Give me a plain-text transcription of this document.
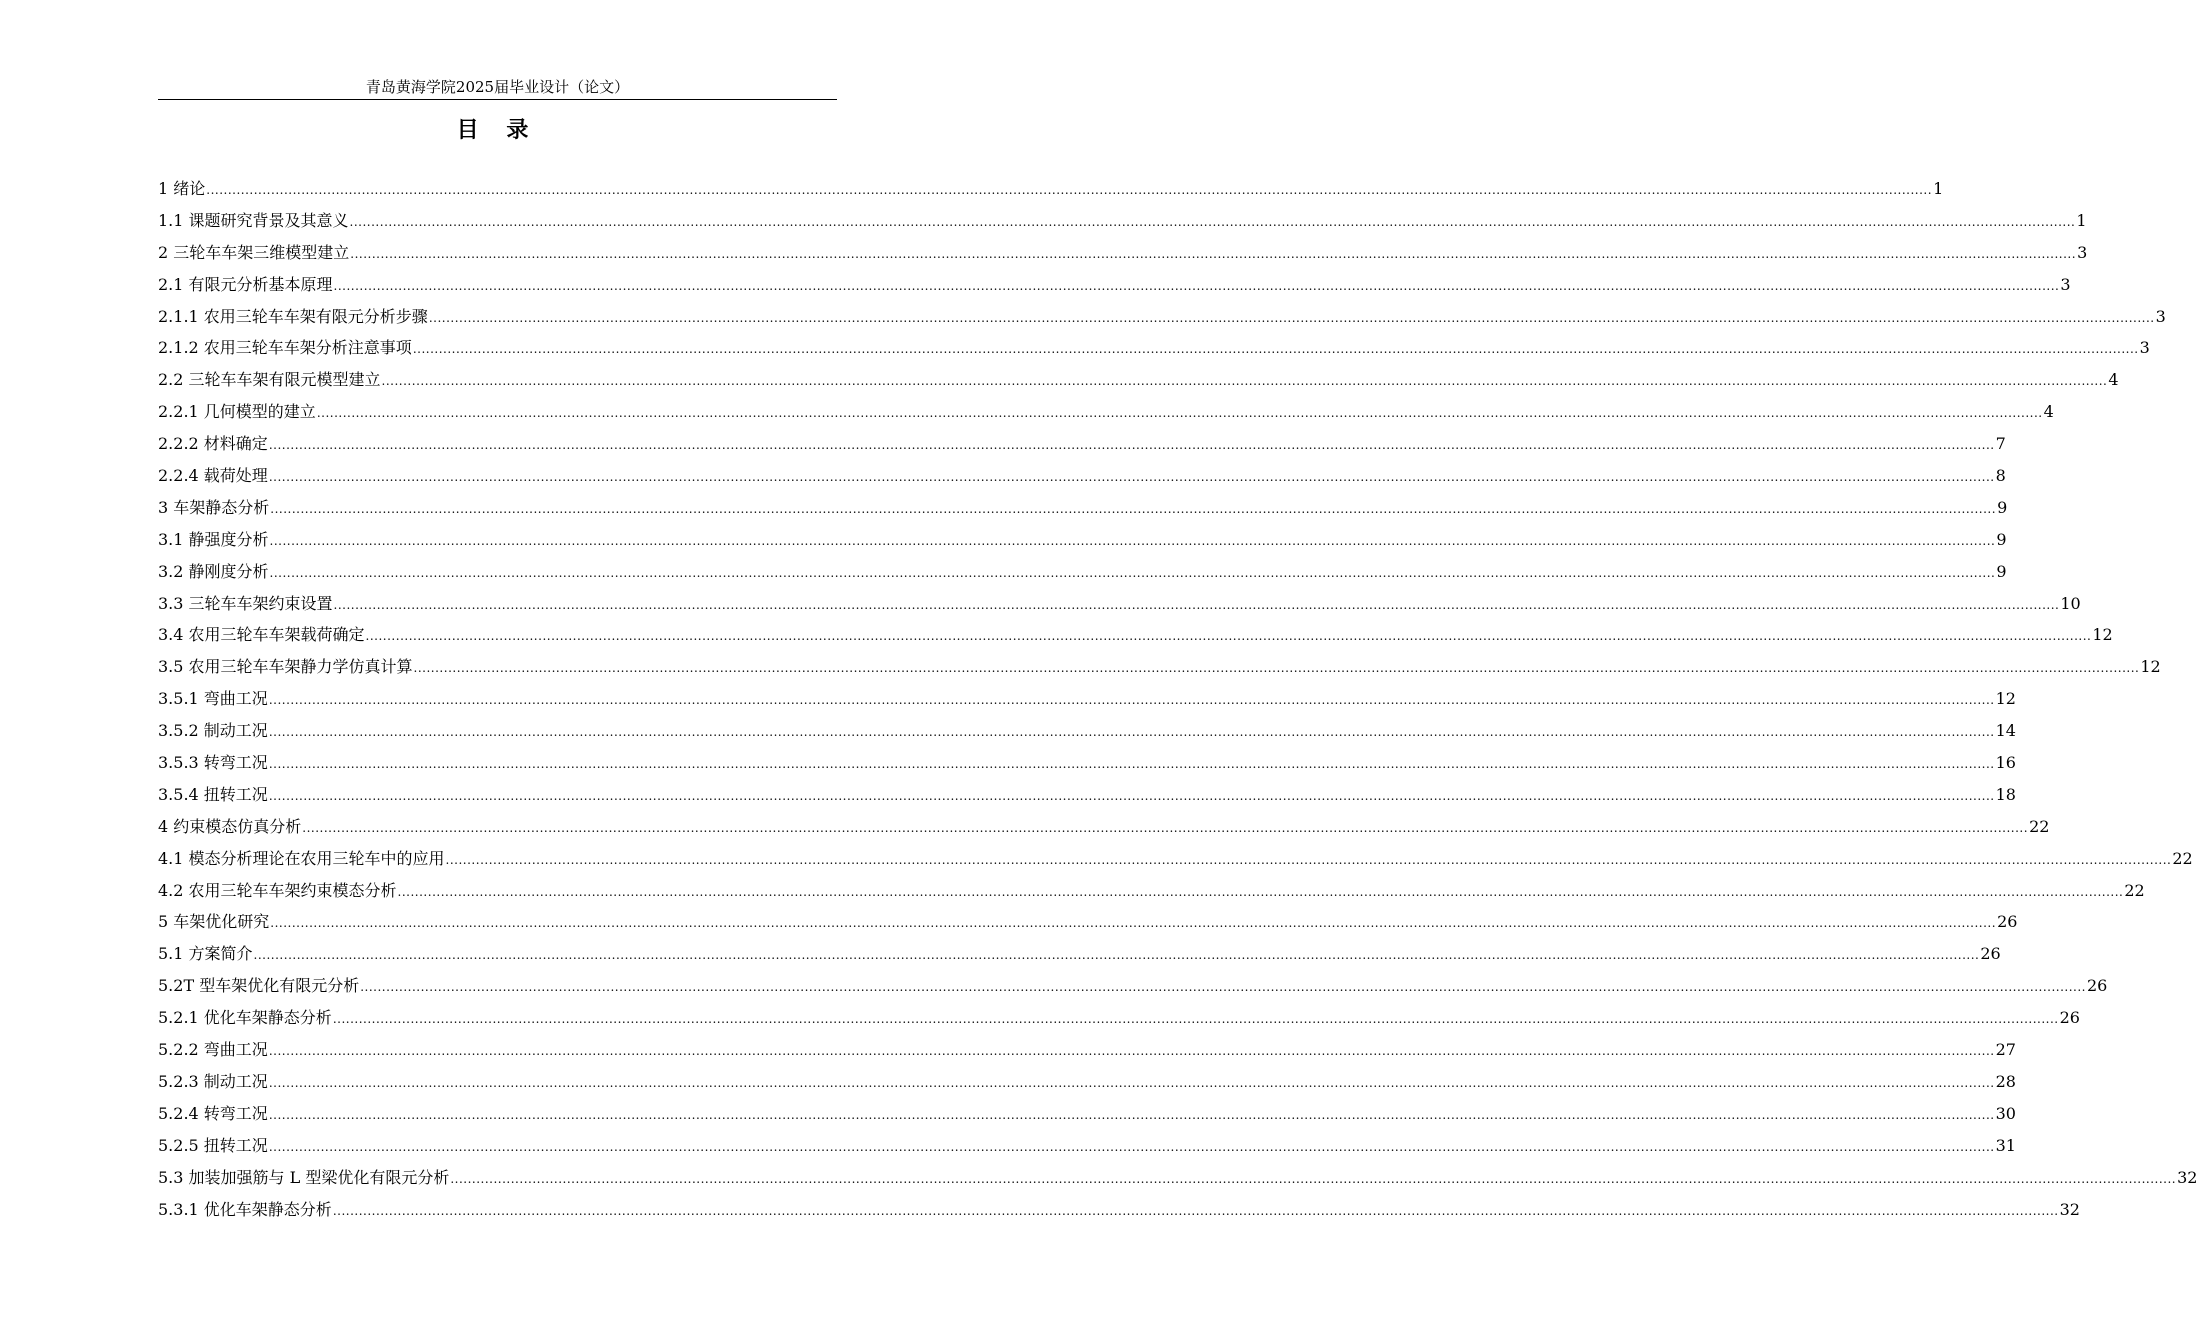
青岛黄海学院2025届毕业设计（论文）
目 录
1 绪论 ................................................................................................................................................................................................................................................................................................................................................................................................................ 1
1.1 课题研究背景及其意义 ................................................................................................................................................................................................................................................................................................................................................................................................................ 1
2 三轮车车架三维模型建立 ................................................................................................................................................................................................................................................................................................................................................................................................................ 3
2.1 有限元分析基本原理 ................................................................................................................................................................................................................................................................................................................................................................................................................ 3
2.1.1 农用三轮车车架有限元分析步骤 ................................................................................................................................................................................................................................................................................................................................................................................................................ 3
2.1.2 农用三轮车车架分析注意事项 ................................................................................................................................................................................................................................................................................................................................................................................................................ 3
2.2 三轮车车架有限元模型建立 ................................................................................................................................................................................................................................................................................................................................................................................................................ 4
2.2.1 几何模型的建立 ................................................................................................................................................................................................................................................................................................................................................................................................................ 4
2.2.2 材料确定 ................................................................................................................................................................................................................................................................................................................................................................................................................ 7
2.2.4 载荷处理 ................................................................................................................................................................................................................................................................................................................................................................................................................ 8
3 车架静态分析 ................................................................................................................................................................................................................................................................................................................................................................................................................ 9
3.1 静强度分析 ................................................................................................................................................................................................................................................................................................................................................................................................................ 9
3.2 静刚度分析 ................................................................................................................................................................................................................................................................................................................................................................................................................ 9
3.3 三轮车车架约束设置 ................................................................................................................................................................................................................................................................................................................................................................................................................ 10
3.4 农用三轮车车架载荷确定 ................................................................................................................................................................................................................................................................................................................................................................................................................ 12
3.5 农用三轮车车架静力学仿真计算 ................................................................................................................................................................................................................................................................................................................................................................................................................ 12
3.5.1 弯曲工况 ................................................................................................................................................................................................................................................................................................................................................................................................................ 12
3.5.2 制动工况 ................................................................................................................................................................................................................................................................................................................................................................................................................ 14
3.5.3 转弯工况 ................................................................................................................................................................................................................................................................................................................................................................................................................ 16
3.5.4 扭转工况 ................................................................................................................................................................................................................................................................................................................................................................................................................ 18
4 约束模态仿真分析 ................................................................................................................................................................................................................................................................................................................................................................................................................ 22
4.1 模态分析理论在农用三轮车中的应用 ................................................................................................................................................................................................................................................................................................................................................................................................................ 22
4.2 农用三轮车车架约束模态分析 ................................................................................................................................................................................................................................................................................................................................................................................................................ 22
5 车架优化研究 ................................................................................................................................................................................................................................................................................................................................................................................................................ 26
5.1 方案简介 ................................................................................................................................................................................................................................................................................................................................................................................................................ 26
5.2T 型车架优化有限元分析 ................................................................................................................................................................................................................................................................................................................................................................................................................ 26
5.2.1 优化车架静态分析 ................................................................................................................................................................................................................................................................................................................................................................................................................ 26
5.2.2 弯曲工况 ................................................................................................................................................................................................................................................................................................................................................................................................................ 27
5.2.3 制动工况 ................................................................................................................................................................................................................................................................................................................................................................................................................ 28
5.2.4 转弯工况 ................................................................................................................................................................................................................................................................................................................................................................................................................ 30
5.2.5 扭转工况 ................................................................................................................................................................................................................................................................................................................................................................................................................ 31
5.3 加装加强筋与 L 型梁优化有限元分析 ................................................................................................................................................................................................................................................................................................................................................................................................................ 32
5.3.1 优化车架静态分析 ................................................................................................................................................................................................................................................................................................................................................................................................................ 32
